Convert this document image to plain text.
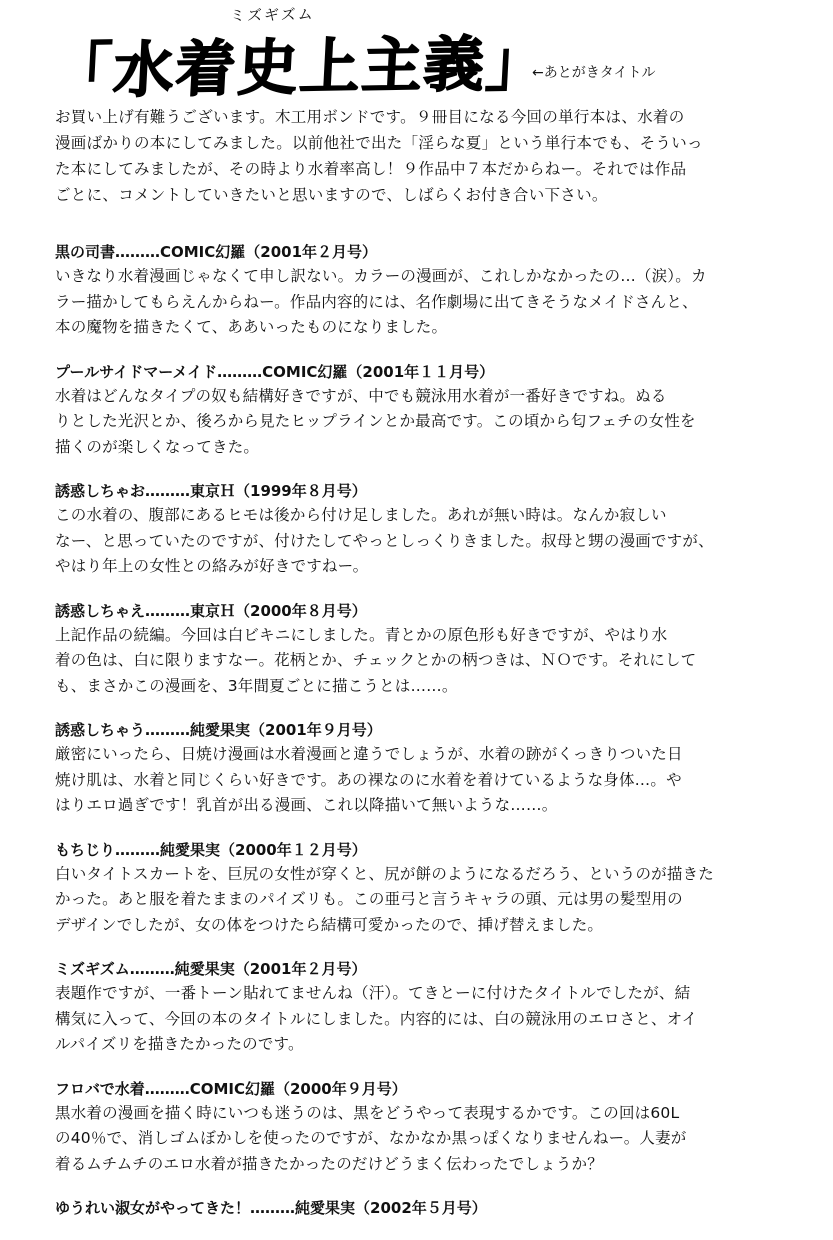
ミズギズム
「水着史上主義」
←あとがきタイトル
お買い上げ有難うございます。木工用ボンドです。９冊目になる今回の単行本は、水着の
漫画ばかりの本にしてみました。以前他社で出た「淫らな夏」という単行本でも、そういっ
た本にしてみましたが、その時より水着率高し！９作品中７本だからねー。それでは作品
ごとに、コメントしていきたいと思いますので、しばらくお付き合い下さい。
黒の司書………COMIC幻羅（2001年２月号）
いきなり水着漫画じゃなくて申し訳ない。カラーの漫画が、これしかなかったの…（涙）。カ
ラー描かしてもらえんからねー。作品内容的には、名作劇場に出てきそうなメイドさんと、
本の魔物を描きたくて、ああいったものになりました。
プールサイドマーメイド………COMIC幻羅（2001年１１月号）
水着はどんなタイプの奴も結構好きですが、中でも競泳用水着が一番好きですね。ぬる
りとした光沢とか、後ろから見たヒップラインとか最高です。この頃から匂フェチの女性を
描くのが楽しくなってきた。
誘惑しちゃお………東京Ｈ（1999年８月号）
この水着の、腹部にあるヒモは後から付け足しました。あれが無い時は。なんか寂しい
なー、と思っていたのですが、付けたしてやっとしっくりきました。叔母と甥の漫画ですが、
やはり年上の女性との絡みが好きですねー。
誘惑しちゃえ………東京Ｈ（2000年８月号）
上記作品の続編。今回は白ビキニにしました。青とかの原色形も好きですが、やはり水
着の色は、白に限りますなー。花柄とか、チェックとかの柄つきは、ＮＯです。それにして
も、まさかこの漫画を、3年間夏ごとに描こうとは……。
誘惑しちゃう………純愛果実（2001年９月号）
厳密にいったら、日焼け漫画は水着漫画と違うでしょうが、水着の跡がくっきりついた日
焼け肌は、水着と同じくらい好きです。あの裸なのに水着を着けているような身体…。や
はりエロ過ぎです！乳首が出る漫画、これ以降描いて無いような……。
もちじり………純愛果実（2000年１２月号）
白いタイトスカートを、巨尻の女性が穿くと、尻が餅のようになるだろう、というのが描きた
かった。あと服を着たままのパイズリも。この亜弓と言うキャラの頭、元は男の髪型用の
デザインでしたが、女の体をつけたら結構可愛かったので、挿げ替えました。
ミズギズム………純愛果実（2001年２月号）
表題作ですが、一番トーン貼れてませんね（汗）。てきとーに付けたタイトルでしたが、結
構気に入って、今回の本のタイトルにしました。内容的には、白の競泳用のエロさと、オイ
ルパイズリを描きたかったのです。
フロバで水着………COMIC幻羅（2000年９月号）
黒水着の漫画を描く時にいつも迷うのは、黒をどうやって表現するかです。この回は60L
の40％で、消しゴムぼかしを使ったのですが、なかなか黒っぽくなりませんねー。人妻が
着るムチムチのエロ水着が描きたかったのだけどうまく伝わったでしょうか？
ゆうれい淑女がやってきた！………純愛果実（2002年５月号）
